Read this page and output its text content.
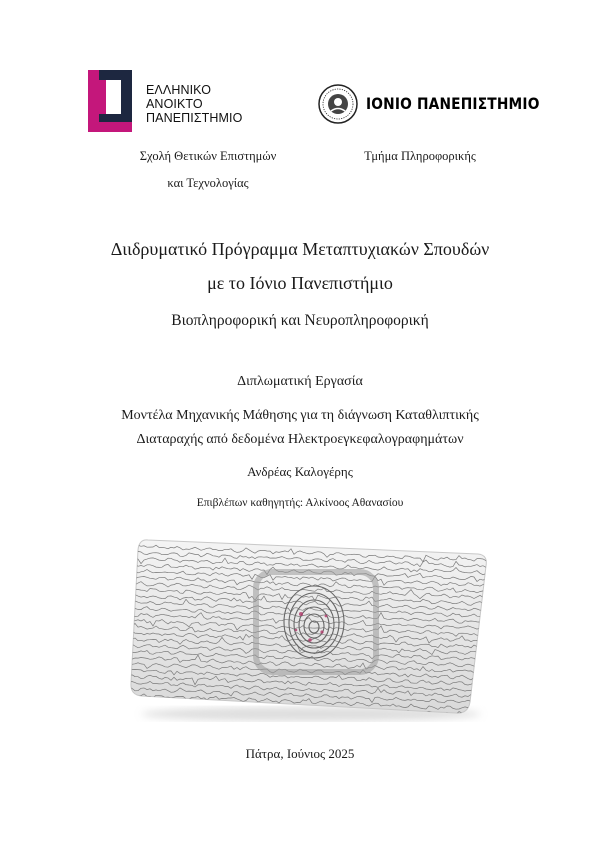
ΕΛΛΗΝΙΚΟ
ΑΝΟΙΚΤΟ
ΠΑΝΕΠΙΣΤΗΜΙΟ
ΙΟΝΙΟ ΠΑΝΕΠΙΣΤΗΜΙΟ
Σχολή Θετικών Επιστημών
και Τεχνολογίας
Τμήμα Πληροφορικής
Διιδρυματικό Πρόγραμμα Μεταπτυχιακών Σπουδών
με το Ιόνιο Πανεπιστήμιο
Βιοπληροφορική και Νευροπληροφορική
Διπλωματική Εργασία
Μοντέλα Μηχανικής Μάθησης για τη διάγνωση Καταθλιπτικής
Διαταραχής από δεδομένα Ηλεκτροεγκεφαλογραφημάτων
Ανδρέας Καλογέρης
Επιβλέπων καθηγητής: Αλκίνοος Αθανασίου
Πάτρα, Ιούνιος 2025
